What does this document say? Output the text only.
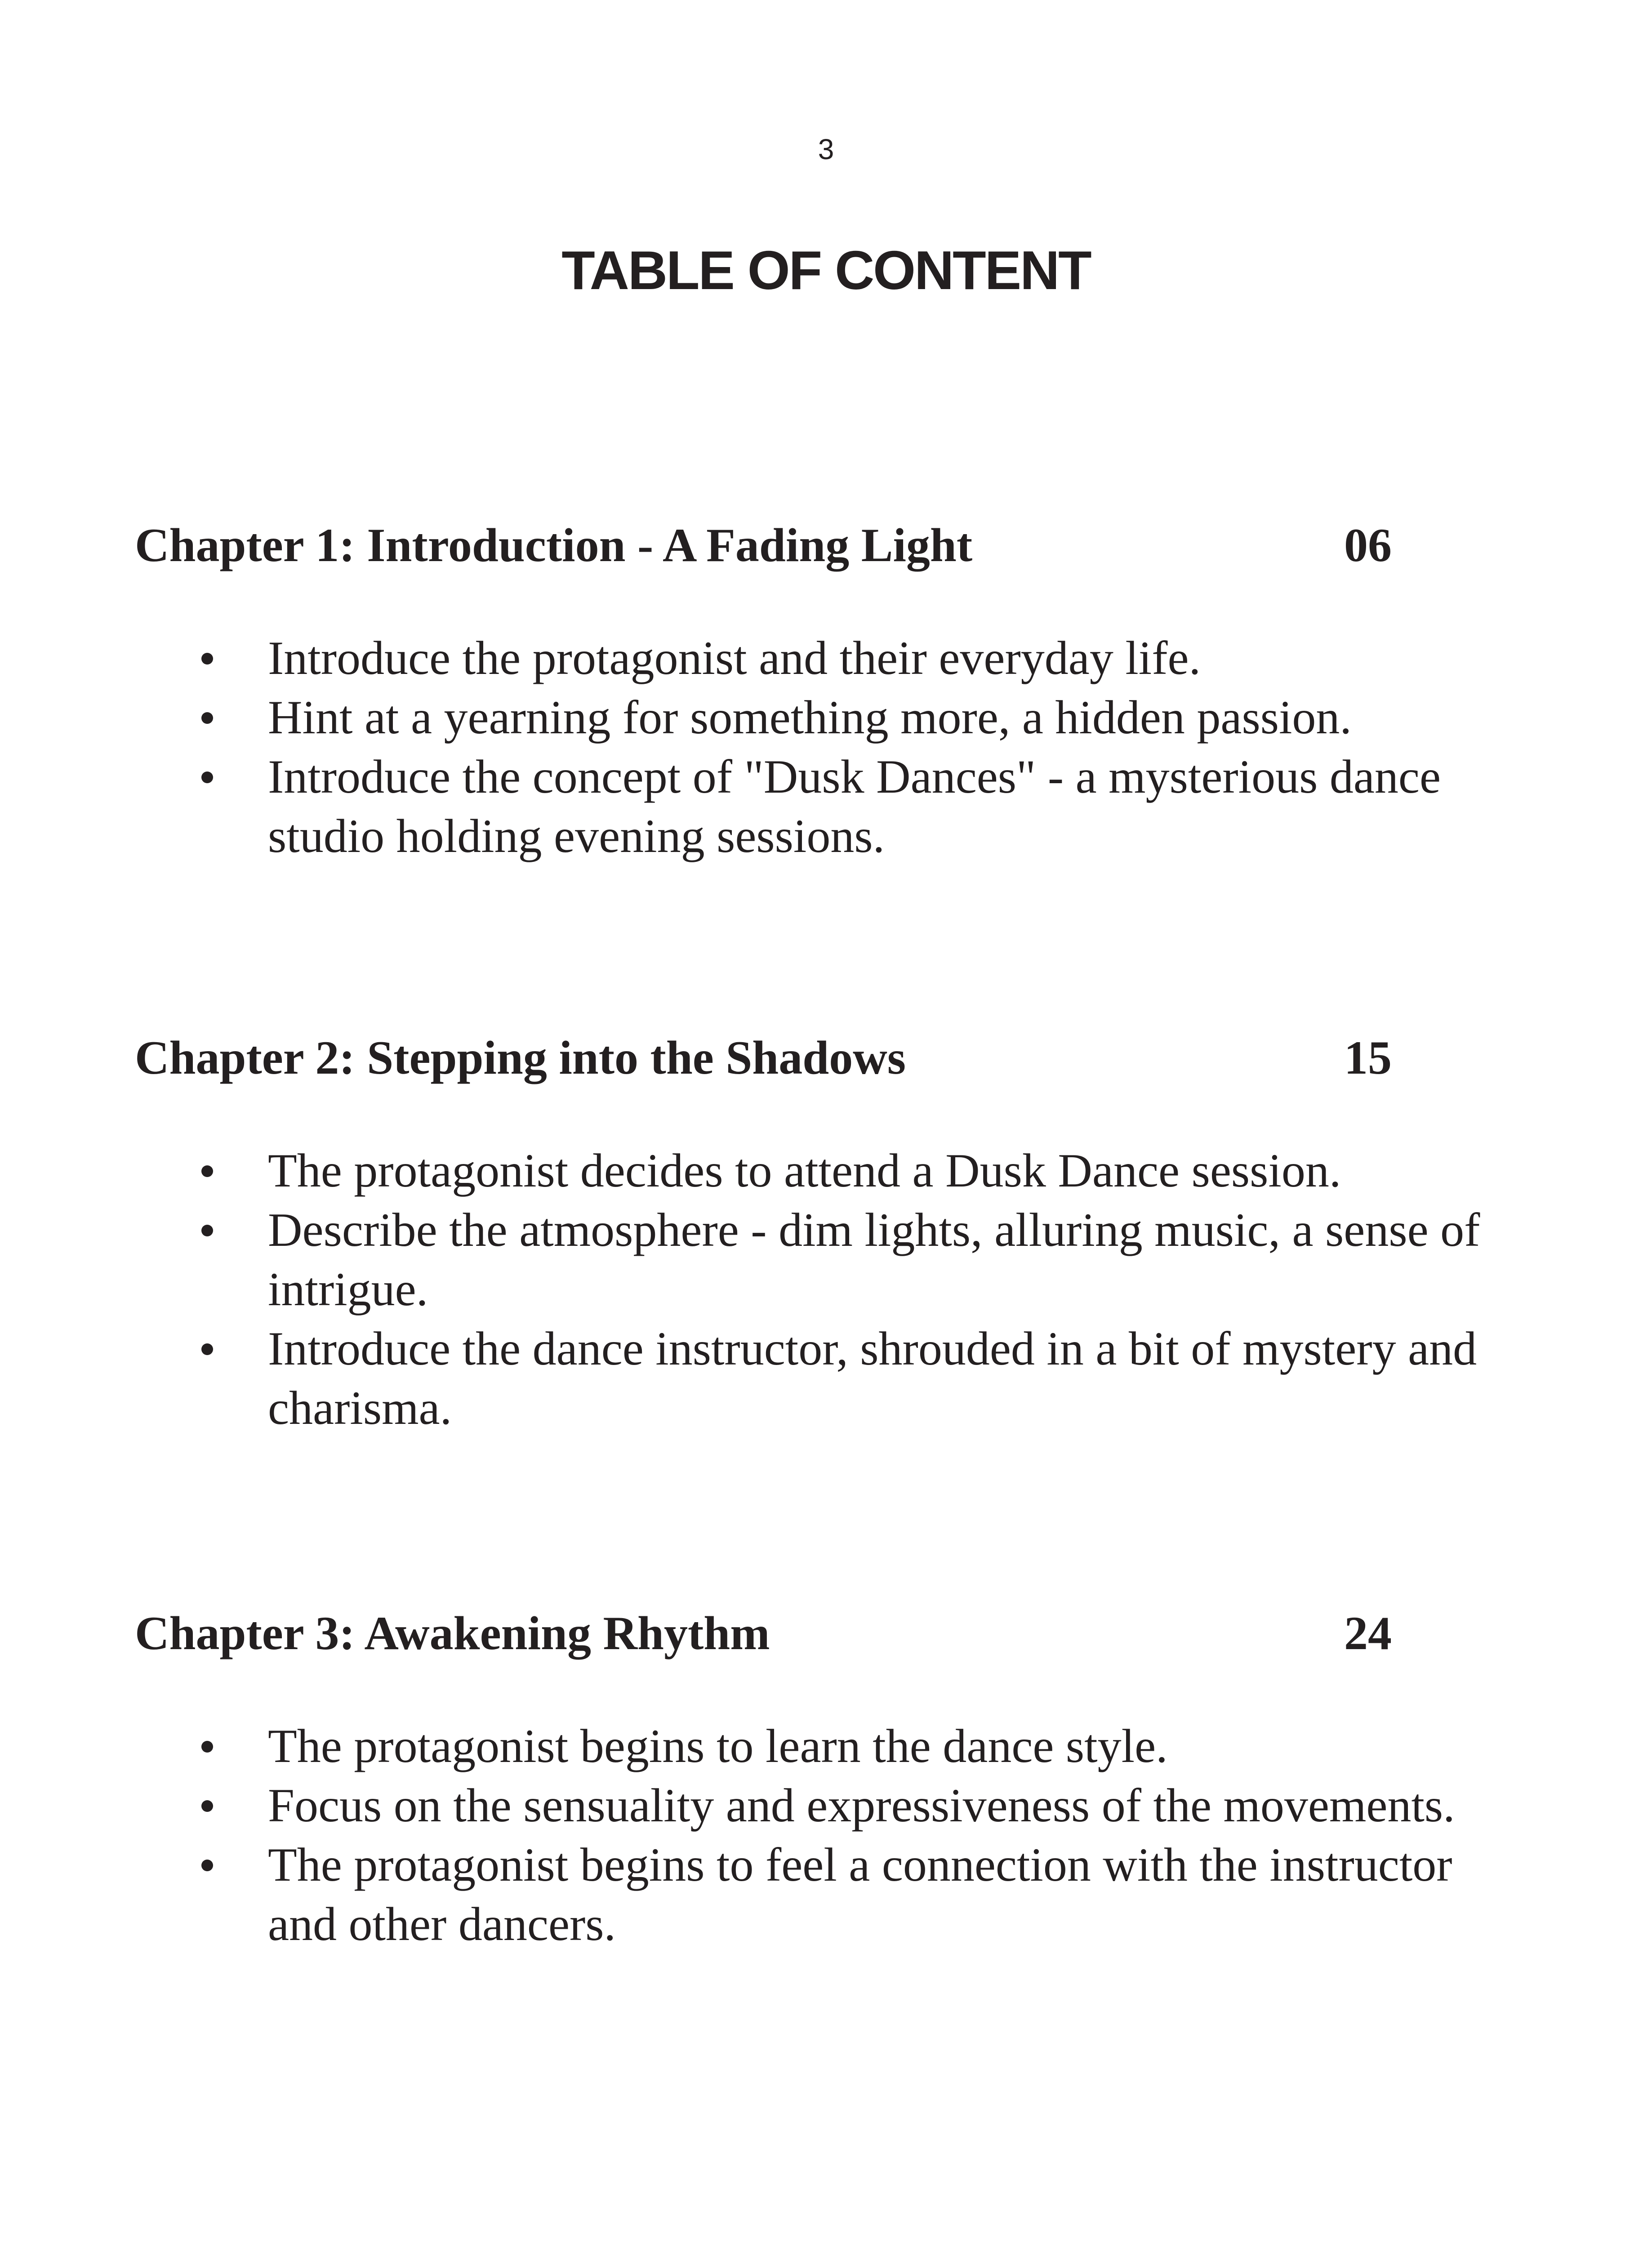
3
TABLE OF CONTENT
Chapter 1: Introduction - A Fading Light	06
Introduce the protagonist and their everyday life.
Hint at a yearning for something more, a hidden passion.
Introduce the concept of "Dusk Dances" - a mysterious dance studio holding evening sessions.
Chapter 2: Stepping into the Shadows	15
The protagonist decides to attend a Dusk Dance session.
Describe the atmosphere - dim lights, alluring music, a sense of intrigue.
Introduce the dance instructor, shrouded in a bit of mystery and charisma.
Chapter 3: Awakening Rhythm	24
The protagonist begins to learn the dance style.
Focus on the sensuality and expressiveness of the movements.
The protagonist begins to feel a connection with the instructor and other dancers.
